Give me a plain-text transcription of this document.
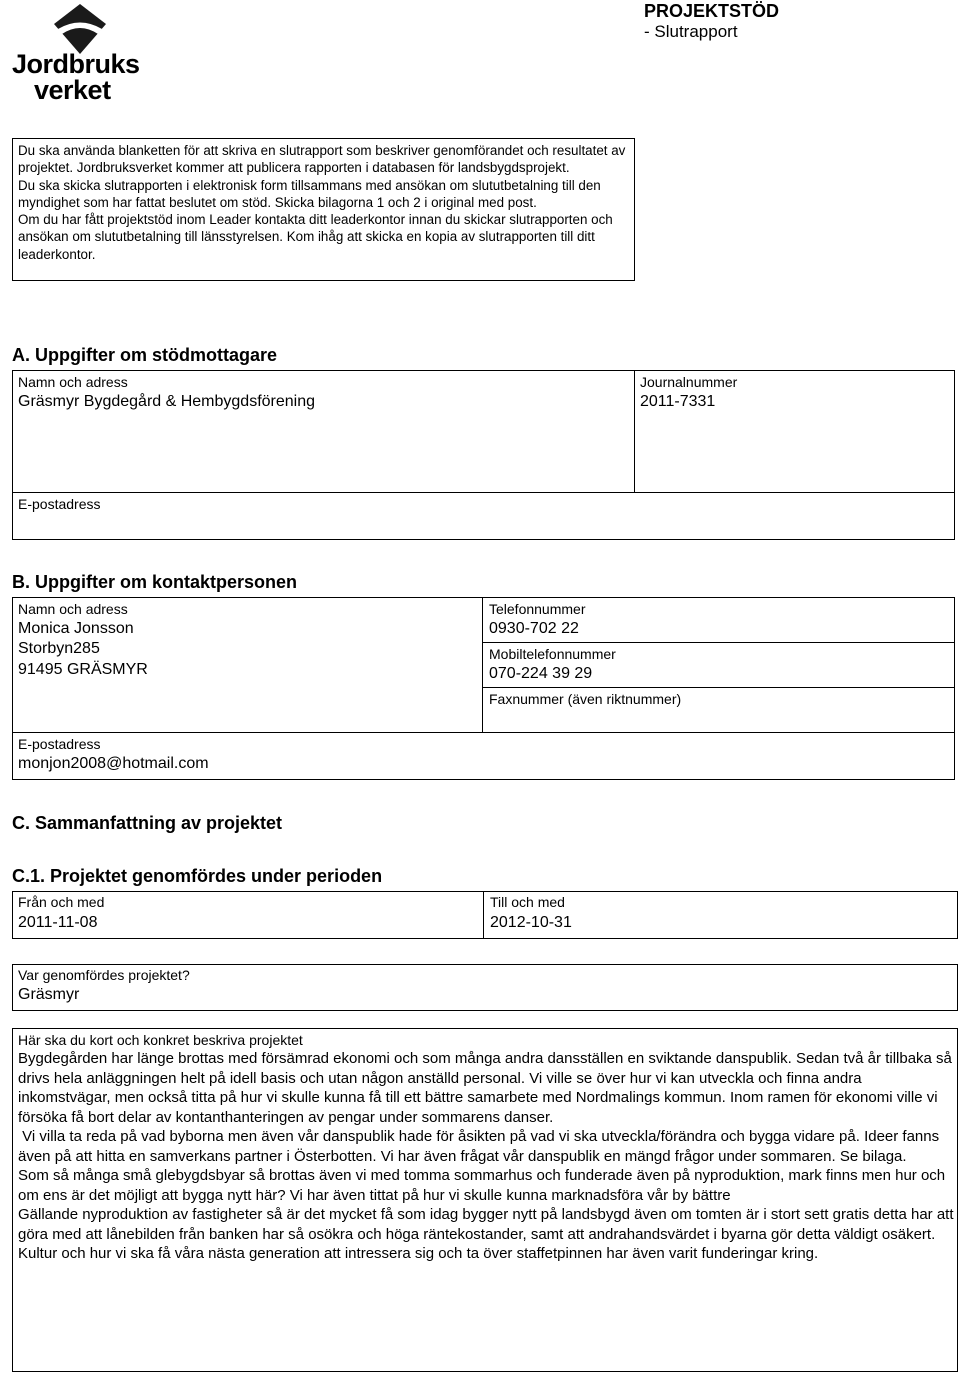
Jordbruks
verket
PROJEKTSTÖD
- Slutrapport

Du ska använda blanketten för att skriva en slutrapport som beskriver genomförandet och resultatet av projektet. Jordbruksverket kommer att publicera rapporten i databasen för landsbygdsprojekt.

Du ska skicka slutrapporten i elektronisk form tillsammans med ansökan om slututbetalning till den myndighet som har fattat beslutet om stöd. Skicka bilagorna 1 och 2 i original med post.

Om du har fått projektstöd inom Leader kontakta ditt leaderkontor innan du skickar slutrapporten och ansökan om slututbetalning till länsstyrelsen. Kom ihåg att skicka en kopia av slutrapporten till ditt leaderkontor.

A. Uppgifter om stödmottagare
Namn och adress
Gräsmyr Bygdegård & Hembygdsförening
Journalnummer
2011-7331
E-postadress
B. Uppgifter om kontaktpersonen
Namn och adress
Monica Jonsson
Storbyn285
91495 GRÄSMYR
Telefonnummer
0930-702 22
Mobiltelefonnummer
070-224 39 29
Faxnummer (även riktnummer)
E-postadress
monjon2008@hotmail.com
C. Sammanfattning av projektet
C.1. Projektet genomfördes under perioden
Från och med
2011-11-08
Till och med
2012-10-31
Var genomfördes projektet?
Gräsmyr
Här ska du kort och konkret beskriva projektet

Bygdegården har länge brottas med försämrad ekonomi och som många andra dansställen en sviktande danspublik. Sedan två år tillbaka så drivs hela anläggningen helt på idell basis och utan någon anställd personal. Vi ville se över hur vi kan utveckla och finna andra inkomstvägar, men också titta på hur vi skulle kunna få till ett bättre samarbete med Nordmalings kommun. Inom ramen för ekonomi ville vi försöka få bort delar av kontanthanteringen av pengar under sommarens danser.

Vi villa ta reda på vad byborna men även vår danspublik hade för åsikten på vad vi ska utveckla/förändra och bygga vidare på. Ideer fanns även på att hitta en samverkans partner i Österbotten. Vi har även frågat vår danspublik en mängd frågor under sommaren. Se bilaga.

Som så många små glebygdsbyar så brottas även vi med tomma sommarhus och funderade även på nyproduktion, mark finns men hur och om ens är det möjligt att bygga nytt här? Vi har även tittat på hur vi skulle kunna marknadsföra vår by bättre

Gällande nyproduktion av fastigheter så är det mycket få som idag bygger nytt på landsbygd även om tomten är i stort sett gratis detta har att göra med att lånebilden från banken har så osökra och höga räntekostander, samt att andrahandsvärdet i byarna gör detta väldigt osäkert.

Kultur och hur vi ska få våra nästa generation att intressera sig och ta över staffetpinnen har även varit funderingar kring.
